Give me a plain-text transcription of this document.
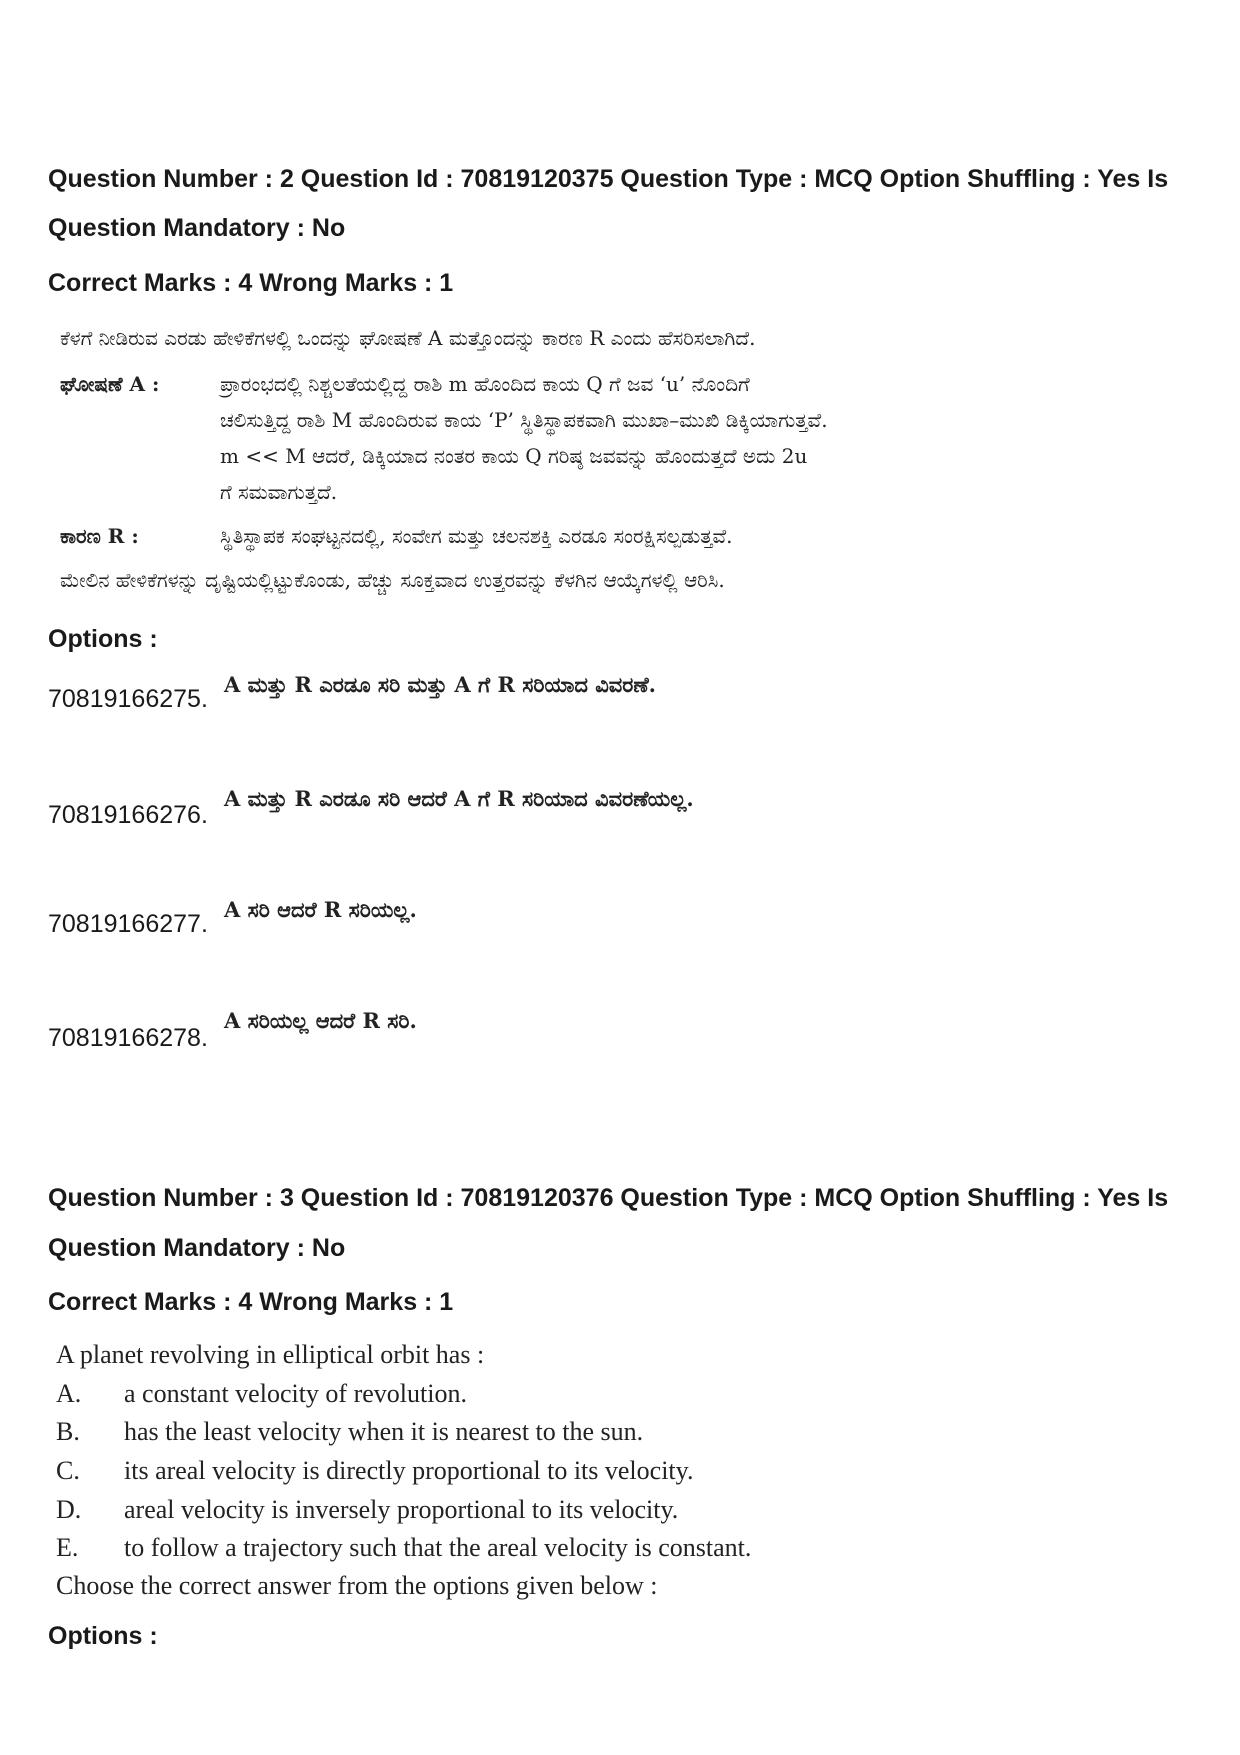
Question Number : 2 Question Id : 70819120375 Question Type : MCQ Option Shuffling : Yes Is
Question Mandatory : No
Correct Marks : 4 Wrong Marks : 1
ಕೆಳಗೆ ನೀಡಿರುವ ಎರಡು ಹೇಳಿಕೆಗಳಲ್ಲಿ ಒಂದನ್ನು ಘೋಷಣೆ A ಮತ್ತೊಂದನ್ನು ಕಾರಣ R ಎಂದು ಹೆಸರಿಸಲಾಗಿದೆ.
ಘೋಷಣೆ A :	ಪ್ರಾರಂಭದಲ್ಲಿ ನಿಶ್ಚಲತೆಯಲ್ಲಿದ್ದ ರಾಶಿ m ಹೊಂದಿದ ಕಾಯ Q ಗೆ ಜವ ‘u’ ನೊಂದಿಗೆ
ಚಲಿಸುತ್ತಿದ್ದ ರಾಶಿ M ಹೊಂದಿರುವ ಕಾಯ ‘P’ ಸ್ಥಿತಿಸ್ಥಾಪಕವಾಗಿ ಮುಖಾ–ಮುಖಿ ಡಿಕ್ಕಿಯಾಗುತ್ತವೆ.
m << M ಆದರೆ, ಡಿಕ್ಕಿಯಾದ ನಂತರ ಕಾಯ Q ಗರಿಷ್ಠ ಜವವನ್ನು ಹೊಂದುತ್ತದೆ ಅದು 2u
ಗೆ ಸಮವಾಗುತ್ತದೆ.
ಕಾರಣ R :	ಸ್ಥಿತಿಸ್ಥಾಪಕ ಸಂಘಟ್ಟನದಲ್ಲಿ, ಸಂವೇಗ ಮತ್ತು ಚಲನಶಕ್ತಿ ಎರಡೂ ಸಂರಕ್ಷಿಸಲ್ಪಡುತ್ತವೆ.
ಮೇಲಿನ ಹೇಳಿಕೆಗಳನ್ನು ದೃಷ್ಟಿಯಲ್ಲಿಟ್ಟುಕೊಂಡು, ಹೆಚ್ಚು ಸೂಕ್ತವಾದ ಉತ್ತರವನ್ನು ಕೆಳಗಿನ ಆಯ್ಕೆಗಳಲ್ಲಿ ಆರಿಸಿ.
Options :
70819166275.
A ಮತ್ತು R ಎರಡೂ ಸರಿ ಮತ್ತು A ಗೆ R ಸರಿಯಾದ ವಿವರಣೆ.
70819166276.
A ಮತ್ತು R ಎರಡೂ ಸರಿ ಆದರೆ A ಗೆ R ಸರಿಯಾದ ವಿವರಣೆಯಲ್ಲ.
70819166277.
A ಸರಿ ಆದರೆ R ಸರಿಯಲ್ಲ.
70819166278.
A ಸರಿಯಲ್ಲ ಆದರೆ R ಸರಿ.
Question Number : 3 Question Id : 70819120376 Question Type : MCQ Option Shuffling : Yes Is
Question Mandatory : No
Correct Marks : 4 Wrong Marks : 1
A planet revolving in elliptical orbit has :
A. a constant velocity of revolution.
B. has the least velocity when it is nearest to the sun.
C. its areal velocity is directly proportional to its velocity.
D. areal velocity is inversely proportional to its velocity.
E. to follow a trajectory such that the areal velocity is constant.
Choose the correct answer from the options given below :
Options :
